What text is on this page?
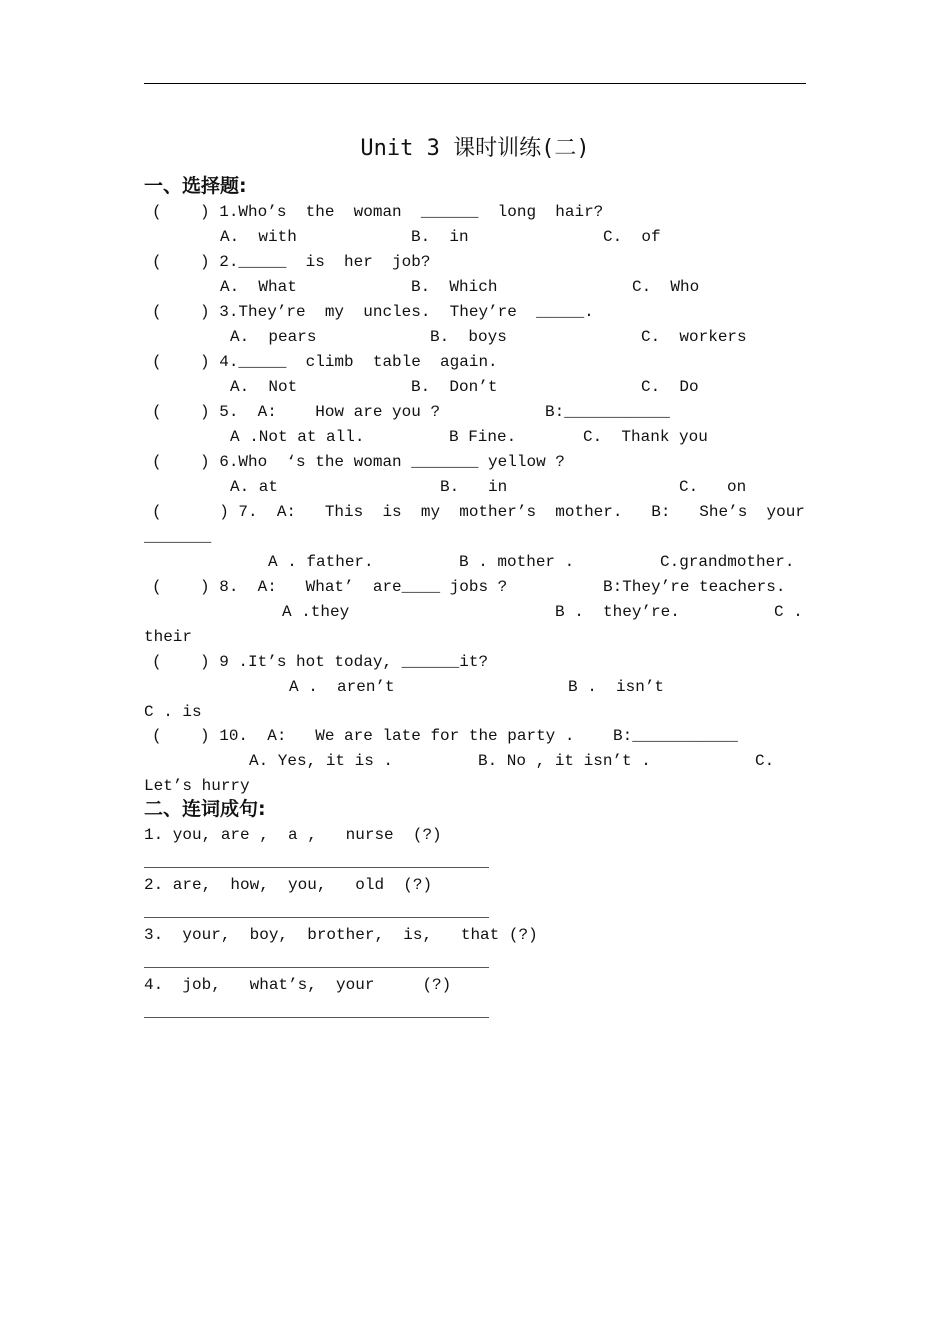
Unit 3 课时训练(二)
一、选择题:
(    ) 1.Who’s  the  woman  ______  long  hair?
A.  with	B.  in	C.  of
(    ) 2._____  is  her  job?
A.  What	B.  Which	C.  Who
(    ) 3.They’re  my  uncles.  They’re  _____.
A.  pears	B.  boys	C.  workers
(    ) 4._____  climb  table  again.
A.  Not	B.  Don’t	C.  Do
(    ) 5.  A:    How are you ?	B:___________
A .Not at all.	B Fine.	C.  Thank you
(    ) 6.Who  ‘s the woman _______ yellow ?
A. at	B.   in	C.   on
(      ) 7.  A:   This  is  my  mother’s  mother.   B:   She’s  your
_______
A . father.	B . mother .	C.grandmother.
(    ) 8.  A:   What’  are____ jobs ?	B:They’re teachers.
A .they	B .  they’re.	C .
their
(    ) 9 .It’s hot today, ______it?
A .  aren’t	B .  isn’t
C . is
(    ) 10.  A:   We are late for the party . B:___________
A. Yes, it is .	B. No , it isn’t .	C.
Let’s hurry
二、连词成句:
1. you, are ,  a ,   nurse  (?)
2. are,  how,  you,   old  (?)
3.  your,  boy,  brother,  is,   that (?)
4.  job,   what’s,  your     (?)
